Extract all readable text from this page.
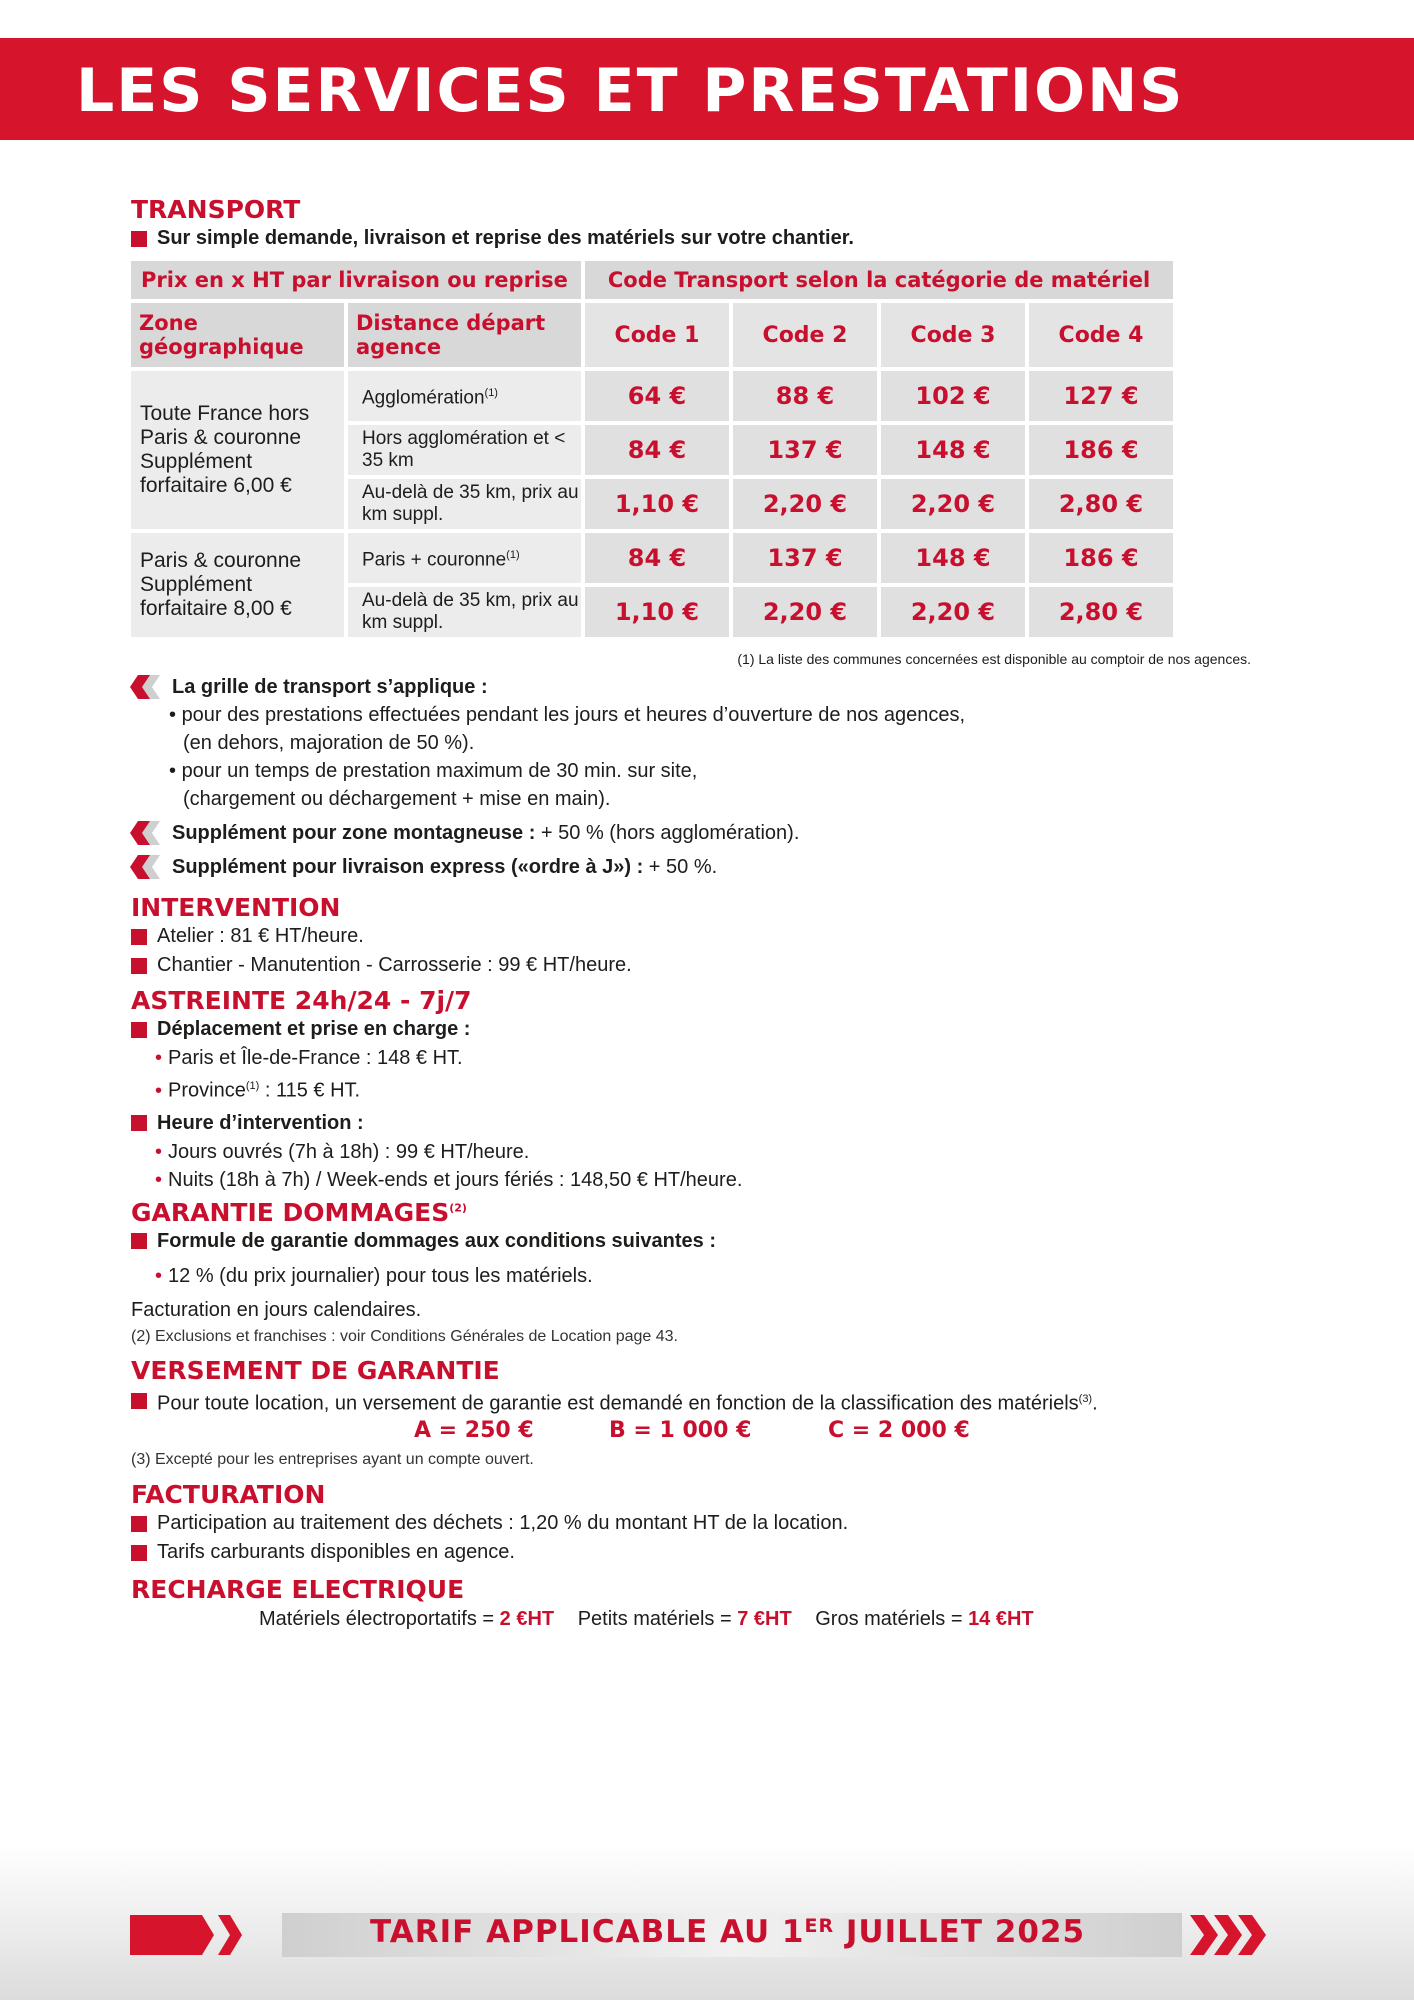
LES SERVICES ET PRESTATIONS
TRANSPORT
Sur simple demande, livraison et reprise des matériels sur votre chantier.
Prix en x HT par livraison ou reprise		Code Transport selon la catégorie de matériel			
Zone géographique	Distance départ agence	Code 1	Code 2	Code 3	Code 4
Toute France hors Paris & couronne Supplément forfaitaire 6,00 €	Agglomération$^{(1)}$	64 €	88 €	102 €	127 €
	Hors agglomération et < 35 km	84 €	137 €	148 €	186 €
	Au-delà de 35 km, prix au km suppl.	1,10 €	2,20 €	2,20 €	2,80 €
Paris & couronne Supplément forfaitaire 8,00 €	Paris + couronne$^{(1)}$	84 €	137 €	148 €	186 €
	Au-delà de 35 km, prix au km suppl.	1,10 €	2,20 €	2,20 €	2,80 €
(1) La liste des communes concernées est disponible au comptoir de nos agences.
La grille de transport s’applique :
• pour des prestations effectuées pendant les jours et heures d’ouverture de nos agences,
(en dehors, majoration de 50 %).
• pour un temps de prestation maximum de 30 min. sur site,
(chargement ou déchargement + mise en main).
Supplément pour zone montagneuse : + 50 % (hors agglomération).
Supplément pour livraison express («ordre à J») : + 50 %.
INTERVENTION
Atelier : 81 € HT/heure.
Chantier - Manutention - Carrosserie : 99 € HT/heure.
ASTREINTE 24h/24 - 7j/7
Déplacement et prise en charge :
• Paris et Île-de-France : 148 € HT.
• Province$^{(1)}$ : 115 € HT.
Heure d’intervention :
• Jours ouvrés (7h à 18h) : 99 € HT/heure.
• Nuits (18h à 7h) / Week-ends et jours fériés : 148,50 € HT/heure.
GARANTIE DOMMAGES$^{(2)}$
Formule de garantie dommages aux conditions suivantes :
• 12 % (du prix journalier) pour tous les matériels.
Facturation en jours calendaires.
(2) Exclusions et franchises : voir Conditions Générales de Location page 43.
VERSEMENT DE GARANTIE
Pour toute location, un versement de garantie est demandé en fonction de la classification des matériels$^{(3)}$.
A = 250 €	B = 1 000 €	C = 2 000 €
(3) Excepté pour les entreprises ayant un compte ouvert.
FACTURATION
Participation au traitement des déchets : 1,20 % du montant HT de la location.
Tarifs carburants disponibles en agence.
RECHARGE ELECTRIQUE
Matériels électroportatifs = 2 €HT Petits matériels = 7 €HT Gros matériels = 14 €HT
TARIF APPLICABLE AU 1ER JUILLET 2025
